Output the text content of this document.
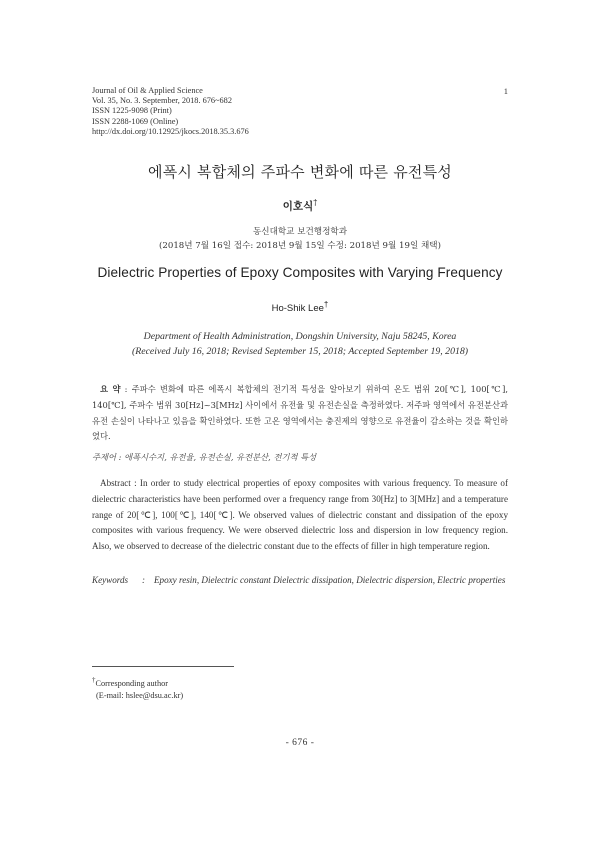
Journal of Oil & Applied Science
Vol. 35, No. 3. September, 2018. 676~682
ISSN 1225-9098 (Print)
ISSN 2288-1069 (Online)
http://dx.doi.org/10.12925/jkocs.2018.35.3.676
1
에폭시 복합체의 주파수 변화에 따른 유전특성
이호식†
동신대학교 보건행정학과
(2018년 7월 16일 접수: 2018년 9월 15일 수정: 2018년 9월 19일 채택)
Dielectric Properties of Epoxy Composites with Varying Frequency
Ho-Shik Lee†
Department of Health Administration, Dongshin University, Naju 58245, Korea
(Received July 16, 2018; Revised September 15, 2018; Accepted September 19, 2018)
요 약 : 주파수 변화에 따른 에폭시 복합체의 전기적 특성을 알아보기 위하여 온도 범위 20[℃], 100[℃], 140[℃], 주파수 범위 30[Hz]~3[MHz] 사이에서 유전율 및 유전손실을 측정하였다. 저주파 영역에서 유전분산과 유전 손실이 나타나고 있음을 확인하였다. 또한 고온 영역에서는 충진제의 영향으로 유전율이 감소하는 것을 확인하였다.
주제어 : 에폭시수지, 유전율, 유전손실, 유전분산, 전기적 특성
Abstract : In order to study electrical properties of epoxy composites with various frequency. To measure of dielectric characteristics have been performed over a frequency range from 30[Hz] to 3[MHz] and a temperature range of 20[℃], 100[℃], 140[℃]. We observed values of dielectric constant and dissipation of the epoxy composites with various frequency. We were observed dielectric loss and dispersion in low frequency region. Also, we observed to decrease of the dielectric constant due to the effects of filler in high temperature region.
Keywords	: Epoxy resin, Dielectric constant Dielectric dissipation, Dielectric dispersion, Electric properties
†Corresponding author
(E-mail: hslee@dsu.ac.kr)
- 676 -
